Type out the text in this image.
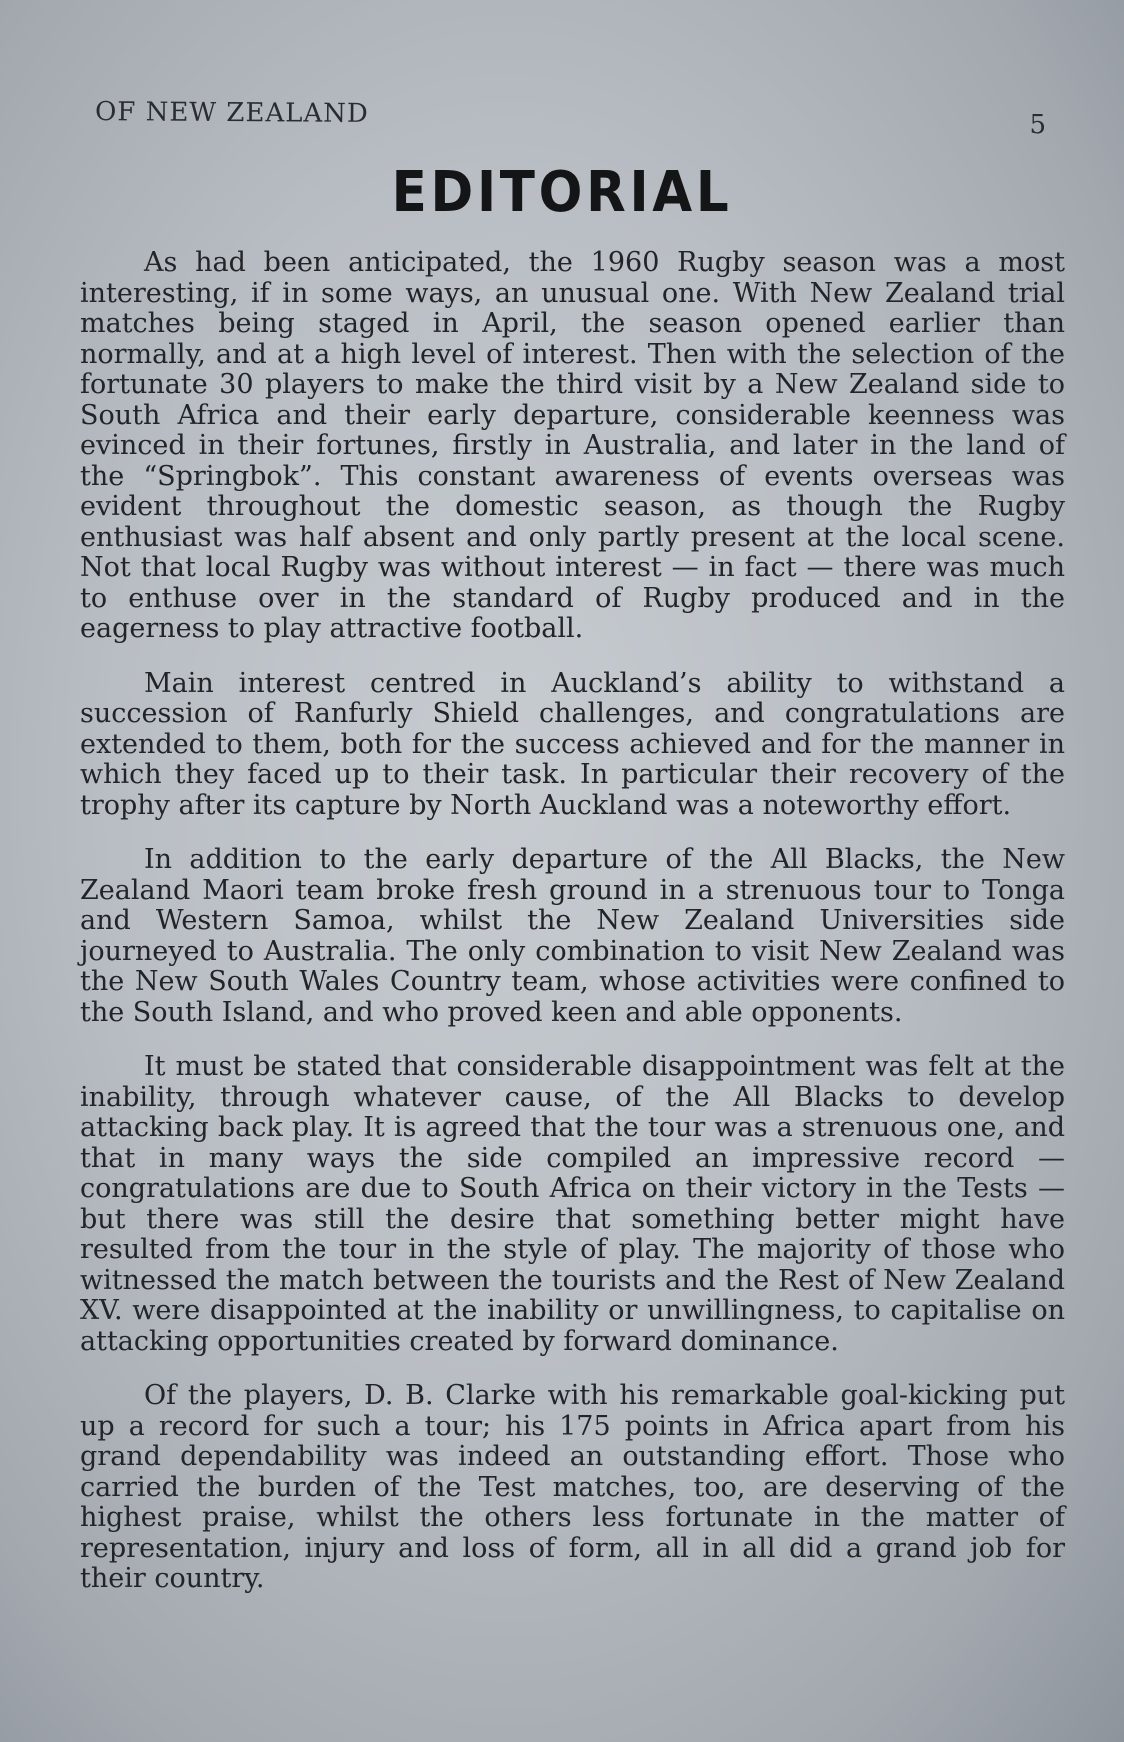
OF NEW ZEALAND	5
EDITORIAL

As had been anticipated, the 1960 Rugby season was a most interesting, if in some ways, an unusual one. With New Zealand trial matches being staged in April, the season opened earlier than normally, and at a high level of interest. Then with the selection of the fortunate 30 players to make the third visit by a New Zealand side to South Africa and their early departure, considerable keenness was evinced in their fortunes, firstly in Australia, and later in the land of the “Springbok”. This constant awareness of events overseas was evident throughout the domestic season, as though the Rugby enthusiast was half absent and only partly present at the local scene. Not that local Rugby was without interest — in fact — there was much to enthuse over in the standard of Rugby produced and in the eagerness to play attractive football.

Main interest centred in Auckland’s ability to withstand a succession of Ranfurly Shield challenges, and congratulations are extended to them, both for the success achieved and for the manner in which they faced up to their task. In particular their recovery of the trophy after its capture by North Auckland was a noteworthy effort.

In addition to the early departure of the All Blacks, the New Zealand Maori team broke fresh ground in a strenuous tour to Tonga and Western Samoa, whilst the New Zealand Universities side journeyed to Australia. The only combination to visit New Zealand was the New South Wales Country team, whose activities were confined to the South Island, and who proved keen and able opponents.

It must be stated that considerable disappointment was felt at the inability, through whatever cause, of the All Blacks to develop attacking back play. It is agreed that the tour was a strenuous one, and that in many ways the side compiled an impressive record — congratulations are due to South Africa on their victory in the Tests — but there was still the desire that something better might have resulted from the tour in the style of play. The majority of those who witnessed the match between the tourists and the Rest of New Zealand XV. were disappointed at the inability or unwillingness, to capitalise on attacking opportunities created by forward dominance.

Of the players, D. B. Clarke with his remarkable goal-kicking put up a record for such a tour; his 175 points in Africa apart from his grand dependability was indeed an outstanding effort. Those who carried the burden of the Test matches, too, are deserving of the highest praise, whilst the others less fortunate in the matter of representation, injury and loss of form, all in all did a grand job for their country.
